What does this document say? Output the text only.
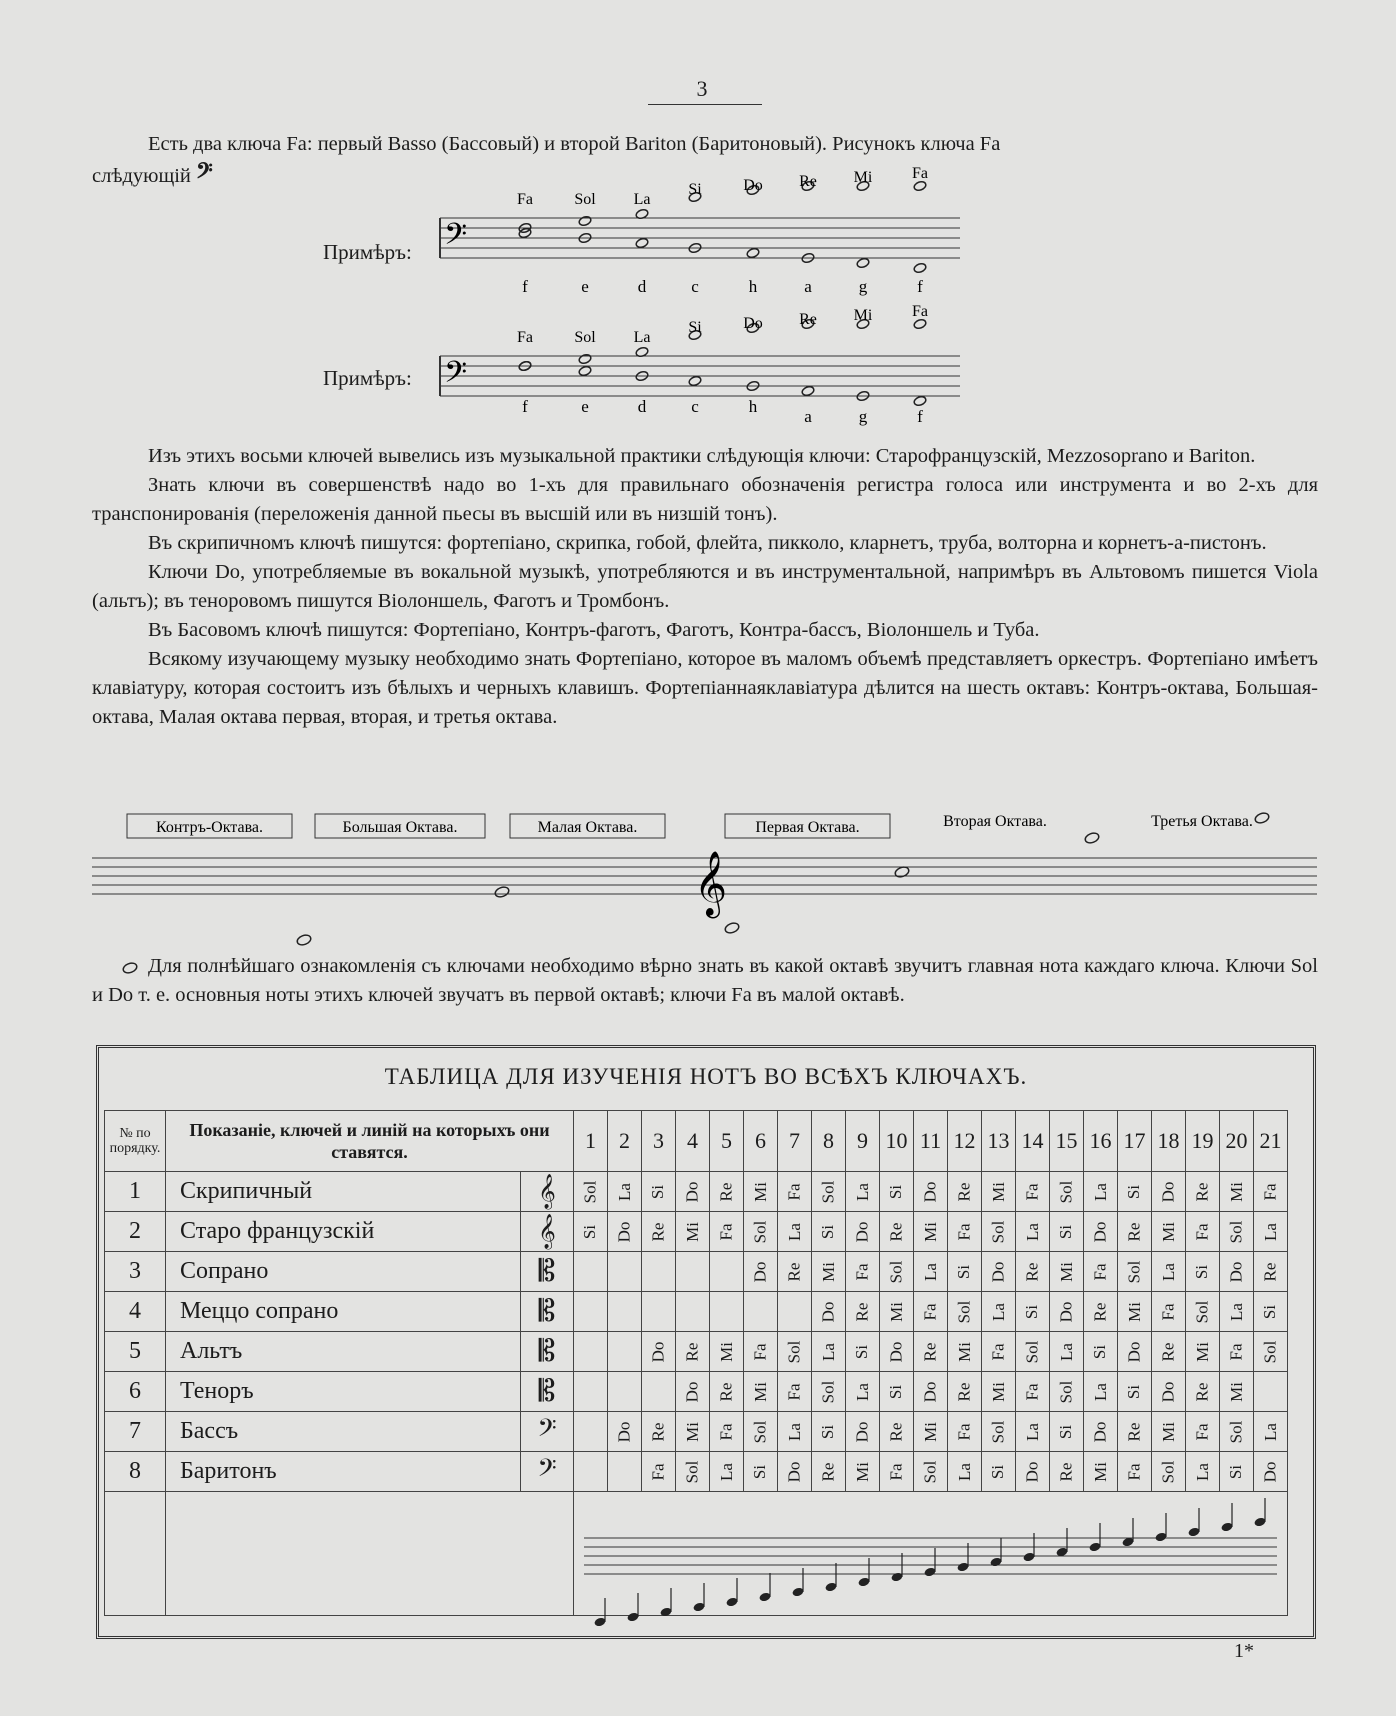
3

Есть два ключа Fa: первый Basso (Бассовый) и второй Bariton (Баритоновый). Рисунокъ ключа Fa

слѣдующій 𝄢

Примѣръ: 𝄢
Fa
f
Sol
e
La
d
Si
c
Do
h
Re
a
Mi
g
Fa
f
Примѣръ: 𝄢
Fa
f
Sol
e
La
d
Si
c
Do
h
Re
a
Mi
g
Fa
f

Изъ этихъ восьми ключей вывелись изъ музыкальной практики слѣдующія ключи: Старофранцузскій, Mezzosoprano и Bariton.

Знать ключи въ совершенствѣ надо во 1-хъ для правильнаго обозначенія регистра голоса или инструмента и во 2-хъ для транспонированія (переложенія данной пьесы въ высшій или въ низшій тонъ).

Въ скрипичномъ ключѣ пишутся: фортепіано, скрипка, гобой, флейта, пикколо, кларнетъ, труба, волторна и корнетъ-а-пистонъ.

Ключи Do, употребляемые въ вокальной музыкѣ, употребляются и въ инструментальной, напримѣръ въ Альтовомъ пишется Viola (альтъ); въ теноровомъ пишутся Віолоншель, Фаготъ и Тромбонъ.

Въ Басовомъ ключѣ пишутся: Фортепіано, Контръ-фаготъ, Фаготъ, Контра-бассъ, Віолоншель и Туба.

Всякому изучающему музыку необходимо знать Фортепіано, которое въ маломъ объемѣ представляетъ оркестръ. Фортепіано имѣетъ клавіатуру, которая состоитъ изъ бѣлыхъ и черныхъ клавишъ. Фортепіаннаяклавіатура дѣлится на шесть октавъ: Контръ-октава, Большая-октава, Малая октава первая, вторая, и третья октава.

Контръ-Октава.	Большая Октава.	Малая Октава.	Первая Октава.	Вторая Октава.	Третья Октава.
𝄞

Для полнѣйшаго ознакомленія съ ключами необходимо вѣрно знать въ какой октавѣ звучитъ главная нота каждаго ключа. Ключи Sol и Do т. е. основныя ноты этихъ ключей звучатъ въ первой октавѣ; ключи Fa въ малой октавѣ.

ТАБЛИЦА ДЛЯ ИЗУЧЕНІЯ НОТЪ ВО ВСѢХЪ КЛЮЧАХЪ.
№ по порядку.	Показаніе, ключей и линій на которыхъ они ставятся.		1	2	3	4	5	6	7	8	9	10	11	12	13	14	15	16	17	18	19	20	21
1	Скрипичный	𝄞	Sol	La	Si	Do	Re	Mi	Fa	Sol	La	Si	Do	Re	Mi	Fa	Sol	La	Si	Do	Re	Mi	Fa
2	Старо французскій	𝄞	Si	Do	Re	Mi	Fa	Sol	La	Si	Do	Re	Mi	Fa	Sol	La	Si	Do	Re	Mi	Fa	Sol	La
3	Сопрано	𝄡						Do	Re	Mi	Fa	Sol	La	Si	Do	Re	Mi	Fa	Sol	La	Si	Do	Re
4	Меццо сопрано	𝄡								Do	Re	Mi	Fa	Sol	La	Si	Do	Re	Mi	Fa	Sol	La	Si
5	Альтъ	𝄡			Do	Re	Mi	Fa	Sol	La	Si	Do	Re	Mi	Fa	Sol	La	Si	Do	Re	Mi	Fa	Sol
6	Теноръ	𝄡				Do	Re	Mi	Fa	Sol	La	Si	Do	Re	Mi	Fa	Sol	La	Si	Do	Re	Mi	
7	Бассъ	𝄢		Do	Re	Mi	Fa	Sol	La	Si	Do	Re	Mi	Fa	Sol	La	Si	Do	Re	Mi	Fa	Sol	La
8	Баритонъ	𝄢			Fa	Sol	La	Si	Do	Re	Mi	Fa	Sol	La	Si	Do	Re	Mi	Fa	Sol	La	Si	Do

1*
